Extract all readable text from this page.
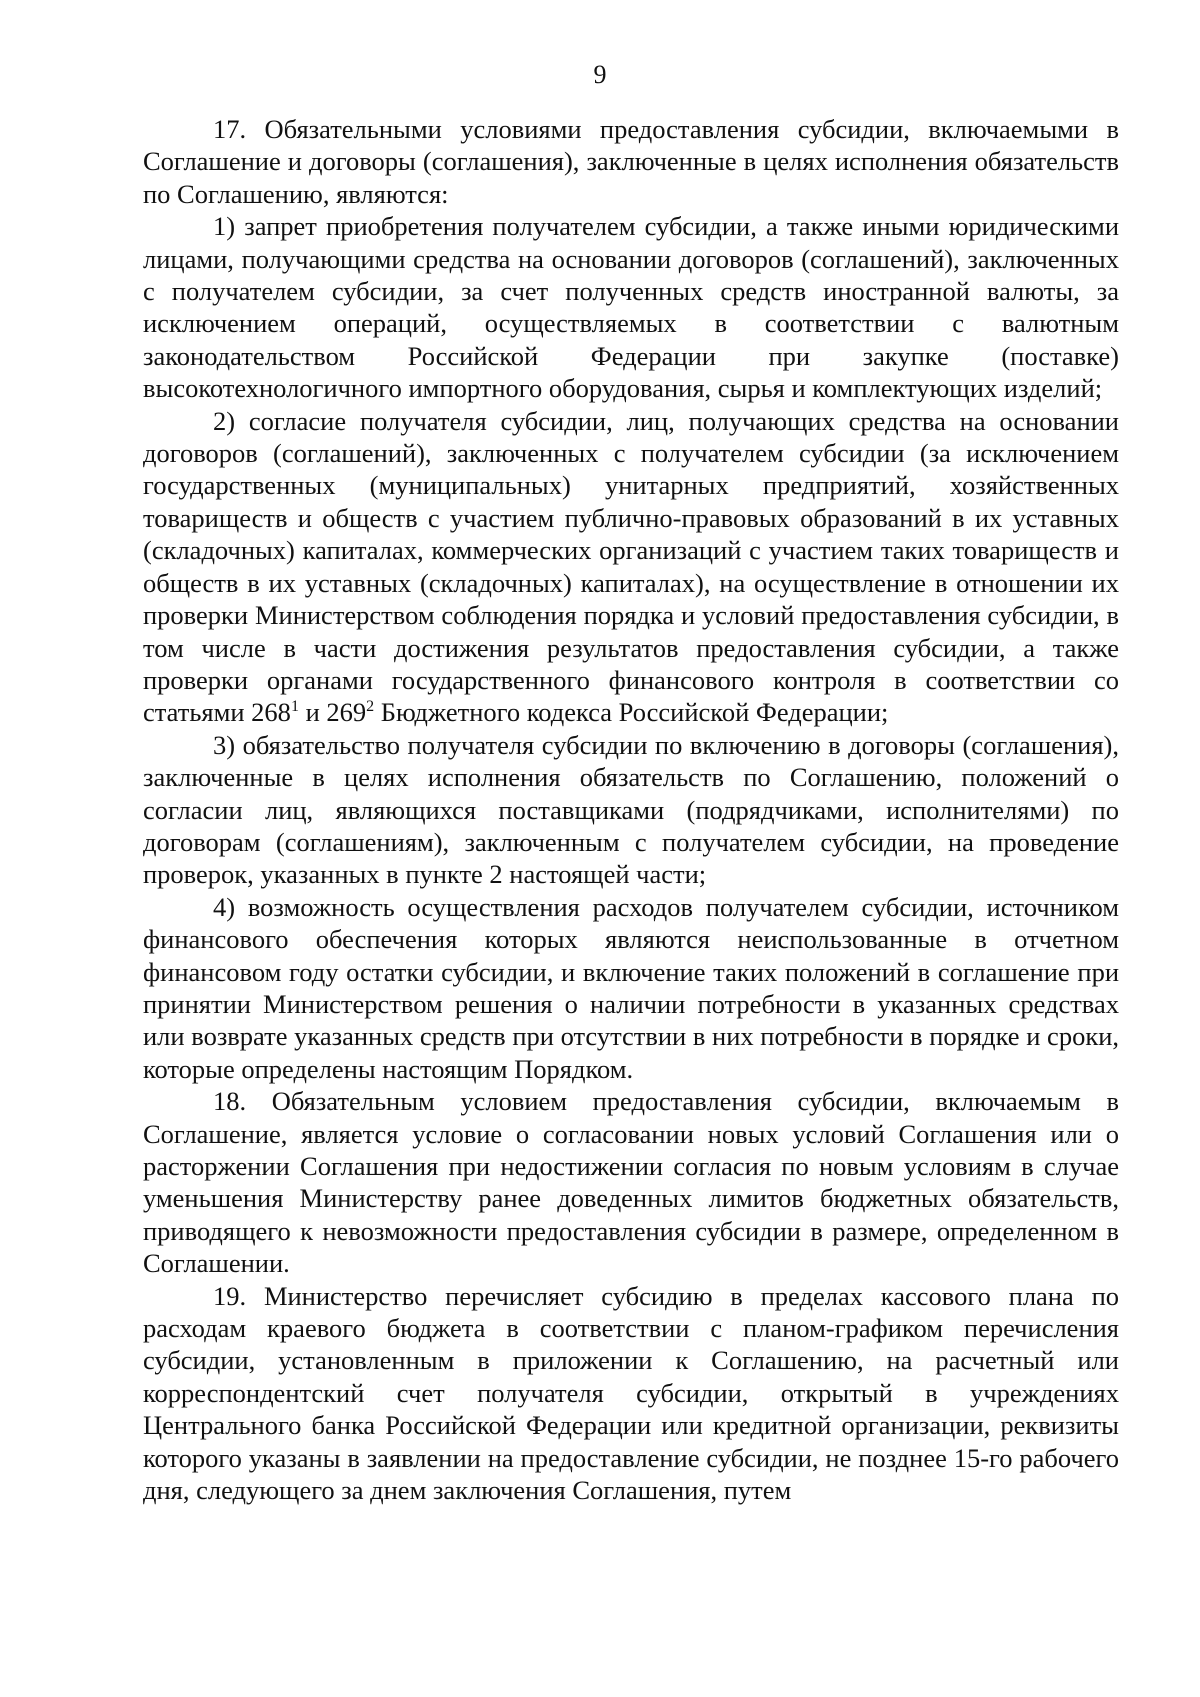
9

17. Обязательными условиями предоставления субсидии, включаемыми в Соглашение и договоры (соглашения), заключенные в целях исполнения обязательств по Соглашению, являются:

1) запрет приобретения получателем субсидии, а также иными юридическими лицами, получающими средства на основании договоров (соглашений), заключенных с получателем субсидии, за счет полученных средств иностранной валюты, за исключением операций, осуществляемых в соответствии с валютным законодательством Российской Федерации при закупке (поставке) высокотехнологичного импортного оборудования, сырья и комплектующих изделий;

2) согласие получателя субсидии, лиц, получающих средства на основании договоров (соглашений), заключенных с получателем субсидии (за исключением государственных (муниципальных) унитарных предприятий, хозяйственных товариществ и обществ с участием публично-правовых образований в их уставных (складочных) капиталах, коммерческих организаций с участием таких товариществ и обществ в их уставных (складочных) капиталах), на осуществление в отношении их проверки Министерством соблюдения порядка и условий предоставления субсидии, в том числе в части достижения результатов предоставления субсидии, а также проверки органами государственного финансового контроля в соответствии со статьями $268^1$ и $269^2$ Бюджетного кодекса Российской Федерации;

3) обязательство получателя субсидии по включению в договоры (соглашения), заключенные в целях исполнения обязательств по Соглашению, положений о согласии лиц, являющихся поставщиками (подрядчиками, исполнителями) по договорам (соглашениям), заключенным с получателем субсидии, на проведение проверок, указанных в пункте 2 настоящей части;

4) возможность осуществления расходов получателем субсидии, источником финансового обеспечения которых являются неиспользованные в отчетном финансовом году остатки субсидии, и включение таких положений в соглашение при принятии Министерством решения о наличии потребности в указанных средствах или возврате указанных средств при отсутствии в них потребности в порядке и сроки, которые определены настоящим Порядком.

18. Обязательным условием предоставления субсидии, включаемым в Соглашение, является условие о согласовании новых условий Соглашения или о расторжении Соглашения при недостижении согласия по новым условиям в случае уменьшения Министерству ранее доведенных лимитов бюджетных обязательств, приводящего к невозможности предоставления субсидии в размере, определенном в Соглашении.

19. Министерство перечисляет субсидию в пределах кассового плана по расходам краевого бюджета в соответствии с планом-графиком перечисления субсидии, установленным в приложении к Соглашению, на расчетный или корреспондентский счет получателя субсидии, открытый в учреждениях Центрального банка Российской Федерации или кредитной организации, реквизиты которого указаны в заявлении на предоставление субсидии, не позднее 15-го рабочего дня, следующего за днем заключения Соглашения, путем
